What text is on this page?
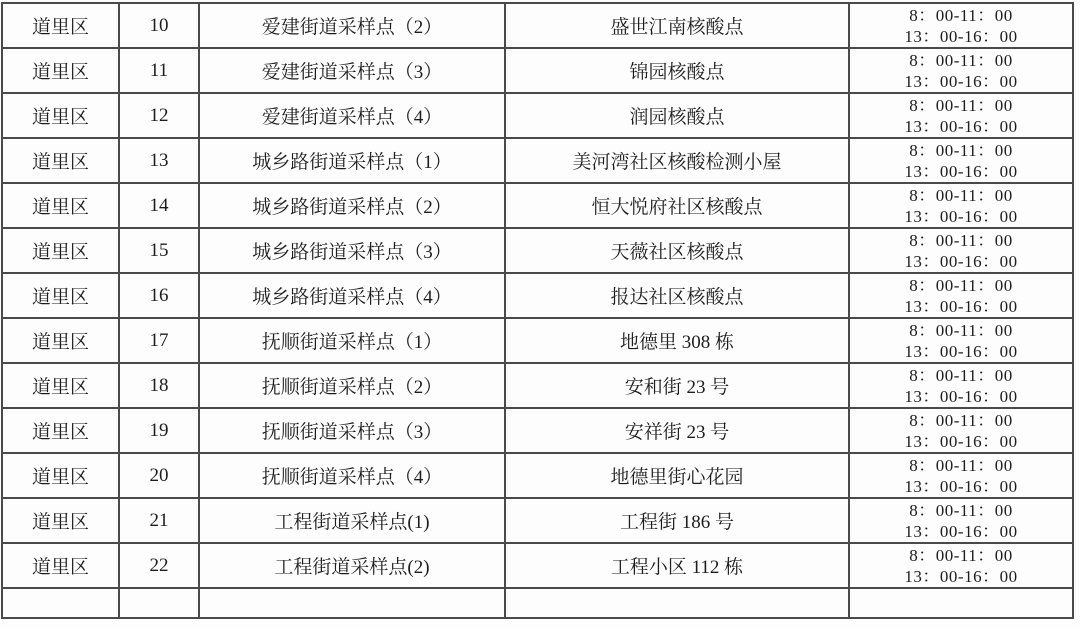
道里区	10	爱建街道采样点（2）	盛世江南核酸点	8：00-11：00
13：00-16：00

道里区	11	爱建街道采样点（3）	锦园核酸点	8：00-11：00
13：00-16：00

道里区	12	爱建街道采样点（4）	润园核酸点	8：00-11：00
13：00-16：00

道里区	13	城乡路街道采样点（1）	美河湾社区核酸检测小屋	8：00-11：00
13：00-16：00

道里区	14	城乡路街道采样点（2）	恒大悦府社区核酸点	8：00-11：00
13：00-16：00

道里区	15	城乡路街道采样点（3）	天薇社区核酸点	8：00-11：00
13：00-16：00

道里区	16	城乡路街道采样点（4）	报达社区核酸点	8：00-11：00
13：00-16：00

道里区	17	抚顺街道采样点（1）	地德里 308 栋	8：00-11：00
13：00-16：00

道里区	18	抚顺街道采样点（2）	安和街 23 号	8：00-11：00
13：00-16：00

道里区	19	抚顺街道采样点（3）	安祥街 23 号	8：00-11：00
13：00-16：00

道里区	20	抚顺街道采样点（4）	地德里街心花园	8：00-11：00
13：00-16：00

道里区	21	工程街道采样点(1)	工程街 186 号	8：00-11：00
13：00-16：00

道里区	22	工程街道采样点(2)	工程小区 112 栋	8：00-11：00
13：00-16：00
